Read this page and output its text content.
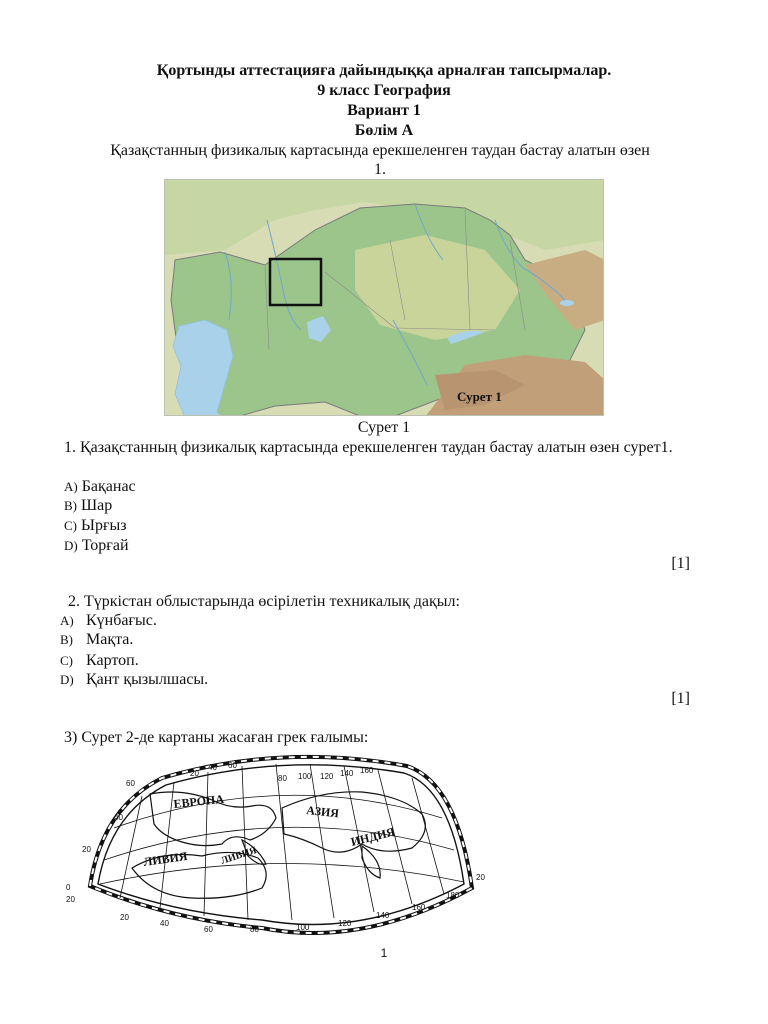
Қортынды аттестацияға дайындыққа арналған тапсырмалар.
9 класс География
Вариант 1
Бөлім А
Қазақстанның физикалық картасында ерекшеленген таудан бастау алатын өзен
1.
Сурет 1
Сурет 1
1. Қазақстанның физикалық картасында ерекшеленген таудан бастау алатын өзен сурет1.
A) Бақанас
B) Шар
C) Ырғыз
D) Торғай
[1]
2. Түркістан облыстарында өсірілетін техникалық дақыл:
A) Күнбағыс.
B) Мақта.
C) Картоп.
D) Қант қызылшасы.
[1]
3) Сурет 2-де картаны жасаған грек ғалымы:
ЕВРОПА
АЗИЯ
ИНДИЯ
ЛИВИЯ	ЛИВИЯ
20
40 60
80 100 120 140 160
60
40
20
0
20
20
40
60	80	100	120
140
160
180
20
1
